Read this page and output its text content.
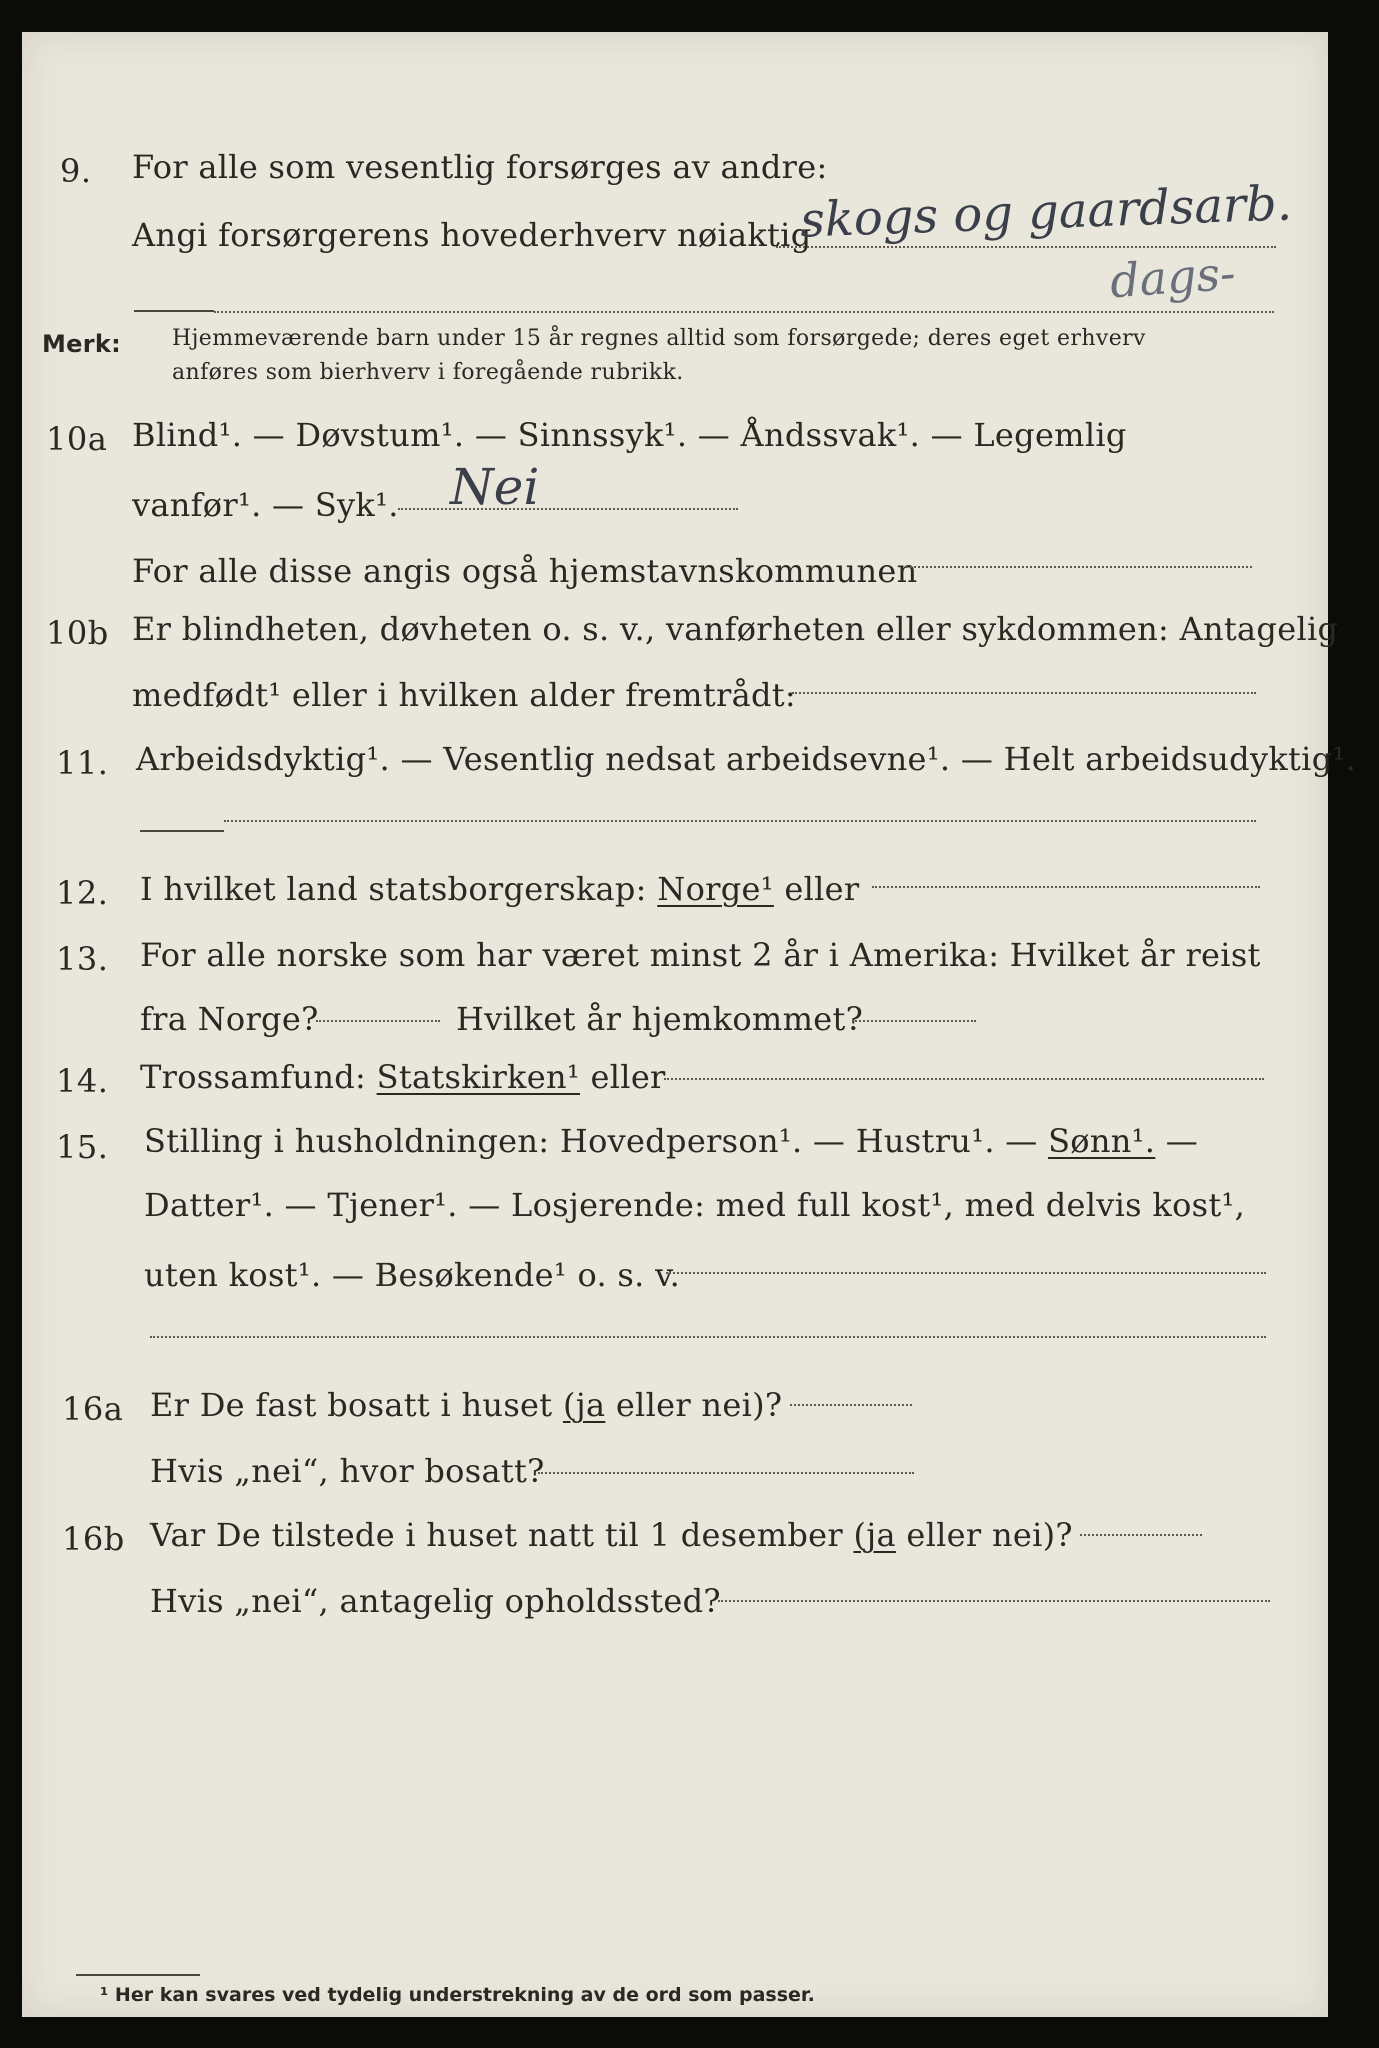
9. For alle som vesentlig forsørges av andre:
Angi forsørgerens hovederhverv nøiaktig
skogs og gaardsarb.
dags-
Merk: Hjemmeværende barn under 15 år regnes alltid som forsørgede; deres eget erhverv
anføres som bierhverv i foregående rubrikk.
10a Blind¹. — Døvstum¹. — Sinnssyk¹. — Åndssvak¹. — Legemlig
vanfør¹. — Syk¹. Nei
For alle disse angis også hjemstavnskommunen
10b Er blindheten, døvheten o. s. v., vanførheten eller sykdommen: Antagelig
medfødt¹ eller i hvilken alder fremtrådt:
11. Arbeidsdyktig¹. — Vesentlig nedsat arbeidsevne¹. — Helt arbeidsudyktig¹.
12. I hvilket land statsborgerskap: Norge¹ eller
13. For alle norske som har været minst 2 år i Amerika: Hvilket år reist
fra Norge?	Hvilket år hjemkommet?
14. Trossamfund: Statskirken¹ eller
15. Stilling i husholdningen: Hovedperson¹. — Hustru¹. — Sønn¹. —
Datter¹. — Tjener¹. — Losjerende: med full kost¹, med delvis kost¹,
uten kost¹. — Besøkende¹ o. s. v.
16a Er De fast bosatt i huset (ja eller nei)?
Hvis „nei“, hvor bosatt?
16b Var De tilstede i huset natt til 1 desember (ja eller nei)?
Hvis „nei“, antagelig opholdssted?
¹ Her kan svares ved tydelig understrekning av de ord som passer.
